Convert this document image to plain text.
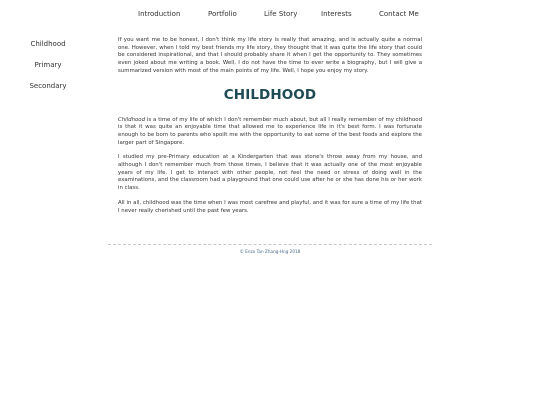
Introduction	Portfolio	Life Story	Interests	Contact Me
Childhood
Primary
Secondary

If you want me to be honest, I don't think my life story is really that amazing, and is actually quite a normal one. However, when I told my best friends my life story, they thought that it was quite the life story that could be considered inspirational, and that I should probably share it when I get the opportunity to. They sometimes even joked about me writing a book. Well, I do not have the time to ever write a biography, but I will give a summarized version with most of the main points of my life. Well, I hope you enjoy my story.

CHILDHOOD

Childhood is a time of my life of which I don't remember much about, but all I really remember of my childhood is that it was quite an enjoyable time that allowed me to experience life in it's best form. I was fortunate enough to be born to parents who spoilt me with the opportunity to eat some of the best foods and explore the larger part of Singapore.

I studied my pre-Primary education at a Kindergarten that was stone's throw away from my house, and although I don't remember much from those times, I believe that it was actually one of the most enjoyable years of my life. I get to interact with other people, not feel the need or stress of doing well in the examinations, and the classroom had a playground that one could use after he or she has done his or her work in class.

All in all, childhood was the time when I was most carefree and playful, and it was for sure a time of my life that I never really cherished until the past few years.

© Enzo Tan Zhang-Hng 2018
